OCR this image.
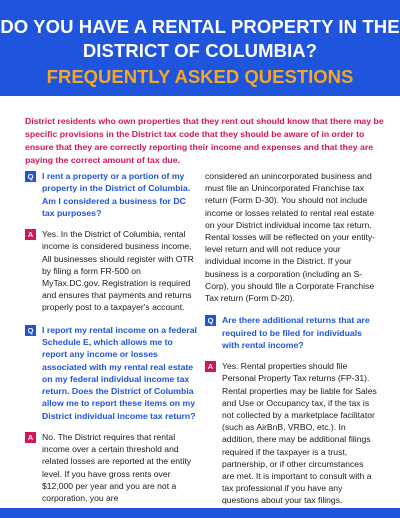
DO YOU HAVE A RENTAL PROPERTY IN THE DISTRICT OF COLUMBIA?

FREQUENTLY ASKED QUESTIONS

District residents who own properties that they rent out should know that there may be specific provisions in the District tax code that they should be aware of in order to ensure that they are correctly reporting their income and expenses and that they are paying the correct amount of tax due.

Q I rent a property or a portion of my property in the District of Columbia. Am I considered a business for DC tax purposes?
A	Yes. In the District of Columbia, rental income is considered business income. All businesses should register with OTR by filing a form FR-500 on MyTax.DC.gov. Registration is required and ensures that payments and returns properly post to a taxpayer's account.
Q I report my rental income on a federal Schedule E, which allows me to report any income or losses associated with my rental real estate on my federal individual income tax return. Does the District of Columbia allow me to report these items on my District individual income tax return?
A	No. The District requires that rental income over a certain threshold and related losses are reported at the entity level. If you have gross rents over $12,000 per year and you are not a corporation, you are
considered an unincorporated business and must file an Unincorporated Franchise tax return (Form D-30). You should not include income or losses related to rental real estate on your District individual income tax return. Rental losses will be reflected on your entity-level return and will not reduce your individual income in the District. If your business is a corporation (including an S-Corp), you should file a Corporate Franchise Tax return (Form D-20).
Q Are there additional returns that are required to be filed for individuals with rental income?
A	Yes. Rental properties should file Personal Property Tax returns (FP-31). Rental properties may be liable for Sales and Use or Occupancy tax, if the tax is not collected by a marketplace facilitator (such as AirBnB, VRBO, etc.). In addition, there may be additional filings required if the taxpayer is a trust, partnership, or if other circumstances are met. It is important to consult with a tax professional if you have any questions about your tax filings.
